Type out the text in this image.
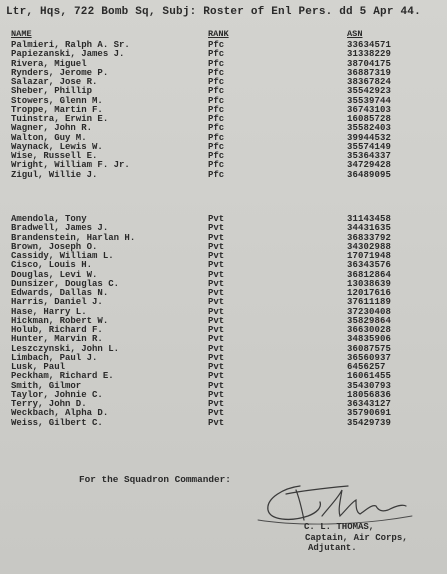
Ltr, Hqs, 722 Bomb Sq, Subj: Roster of Enl Pers. dd 5 Apr 44.
NAME	RANK	ASN
Palmieri, Ralph A. Sr.	Pfc	33634571
Papiezanski, James J.	Pfc	31338229
Rivera, Miguel	Pfc	38704175
Rynders, Jerome P.	Pfc	36887319
Salazar, Jose R.	Pfc	38367824
Sheber, Phillip	Pfc	35542923
Stowers, Glenn M.	Pfc	35539744
Troppe, Martin F.	Pfc	36743103
Tuinstra, Erwin E.	Pfc	16085728
Wagner, John R.	Pfc	35582403
Walton, Guy M.	Pfc	39944532
Waynack, Lewis W.	Pfc	35574149
Wise, Russell E.	Pfc	35364337
Wright, William F. Jr.	Pfc	34729428
Zigul, Willie J.	Pfc	36489095
Amendola, Tony	Pvt	31143458
Bradwell, James J.	Pvt	34431635
Brandenstein, Harlan H.	Pvt	36833792
Brown, Joseph O.	Pvt	34302988
Cassidy, William L.	Pvt	17071948
Cisco, Louis H.	Pvt	36343576
Douglas, Levi W.	Pvt	36812864
Dunsizer, Douglas C.	Pvt	13038639
Edwards, Dallas N.	Pvt	12017616
Harris, Daniel J.	Pvt	37611189
Hase, Harry L.	Pvt	37230408
Hickman, Robert W.	Pvt	35829864
Holub, Richard F.	Pvt	36630028
Hunter, Marvin R.	Pvt	34835906
Leszczynski, John L.	Pvt	36087575
Limbach, Paul J.	Pvt	36560937
Lusk, Paul	Pvt	6456257
Peckham, Richard E.	Pvt	16061455
Smith, Gilmor	Pvt	35430793
Taylor, Johnie C.	Pvt	18056836
Terry, John D.	Pvt	36343127
Weckbach, Alpha D.	Pvt	35790691
Weiss, Gilbert C.	Pvt	35429739
For the Squadron Commander:
C. L. THOMAS,
Captain, Air Corps,
Adjutant.
